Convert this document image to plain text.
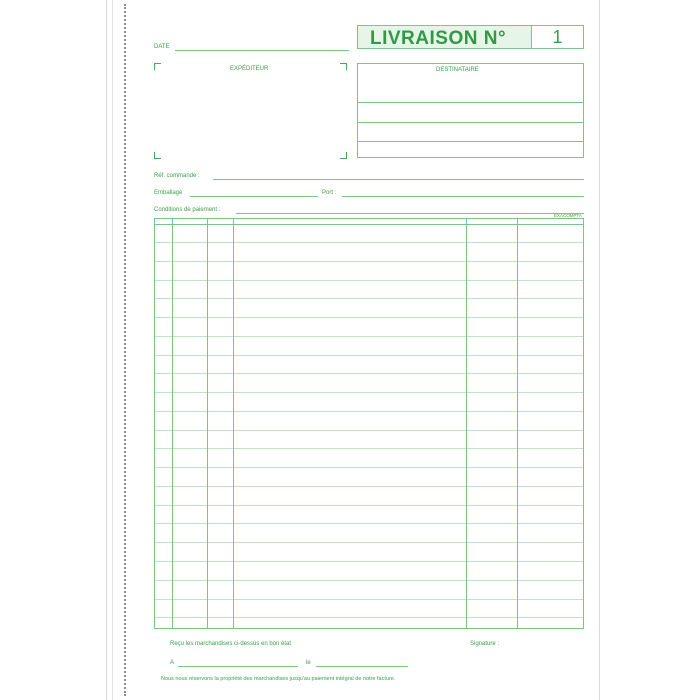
DATE	LIVRAISON N°	1
EXPÉDITEUR	DESTINATAIRE
Réf. commande :
Emballage	Port :
Conditions de paiement :
EXACOMPTA
Reçu les marchandises ci-dessus en bon état	Signature :
A	le
Nous nous réservons la propriété des marchandises jusqu'au paiement intégral de notre facture.
